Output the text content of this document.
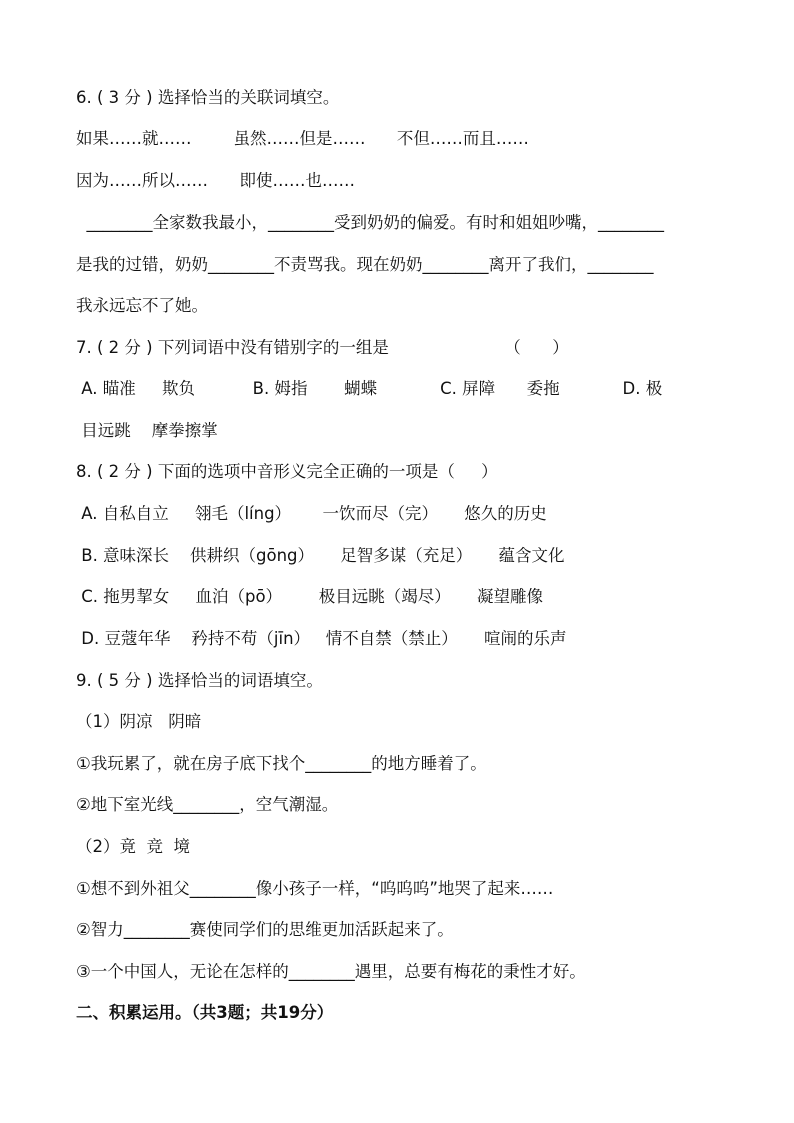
6. ( 3 分 ) 选择恰当的关联词填空。
如果……就……        虽然……但是……      不但……而且……
因为……所以……      即使……也……
________全家数我最小，________受到奶奶的偏爱。有时和姐姐吵嘴，________
是我的过错，奶奶________不责骂我。现在奶奶________离开了我们，________
我永远忘不了她。
7. ( 2 分 ) 下列词语中没有错别字的一组是                      （      ）
A. 瞄准     欺负           B. 姆指       蝴蝶            C. 屏障      委拖            D. 极
目远跳    摩拳擦掌
8. ( 2 分 ) 下面的选项中音形义完全正确的一项是（     ）
A. 自私自立     翎毛（líng）      一饮而尽（完）     悠久的历史
B. 意味深长    供耕织（gōng）     足智多谋（充足）     蕴含文化
C. 拖男挈女     血泊（pō）       极目远眺（竭尽）     凝望雕像
D. 豆蔻年华    矜持不苟（jīn）   情不自禁（禁止）     喧闹的乐声
9. ( 5 分 ) 选择恰当的词语填空。
（1）阴凉   阴暗
①我玩累了，就在房子底下找个________的地方睡着了。
②地下室光线________，空气潮湿。
（2）竟  竞  境
①想不到外祖父________像小孩子一样，“呜呜呜”地哭了起来……
②智力________赛使同学们的思维更加活跃起来了。
③一个中国人，无论在怎样的________遇里，总要有梅花的秉性才好。
二、积累运用。（共3题；共19分）
